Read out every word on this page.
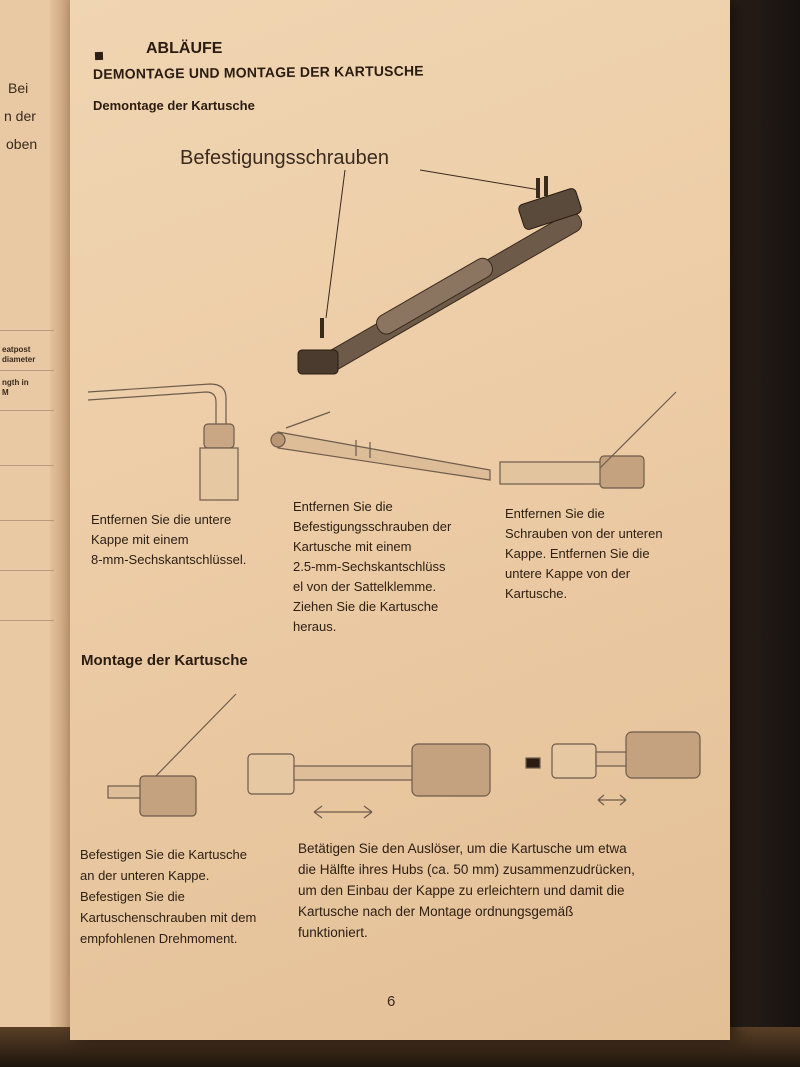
Bei
n der
oben
eatpost
diameter
ngth in
M
ABLÄUFE
DEMONTAGE UND MONTAGE DER KARTUSCHE
Demontage der Kartusche
Befestigungsschrauben
Entfernen Sie die untere
Kappe mit einem
8-mm-Sechskantschlüssel.
Entfernen Sie die
Befestigungsschrauben der
Kartusche mit einem
2.5-mm-Sechskantschlüss
el von der Sattelklemme.
Ziehen Sie die Kartusche
heraus.
Entfernen Sie die
Schrauben von der unteren
Kappe. Entfernen Sie die
untere Kappe von der
Kartusche.
Montage der Kartusche
Befestigen Sie die Kartusche
an der unteren Kappe.
Befestigen Sie die
Kartuschenschrauben mit dem
empfohlenen Drehmoment.
Betätigen Sie den Auslöser, um die Kartusche um etwa
die Hälfte ihres Hubs (ca. 50 mm) zusammenzudrücken,
um den Einbau der Kappe zu erleichtern und damit die
Kartusche nach der Montage ordnungsgemäß
funktioniert.
6
